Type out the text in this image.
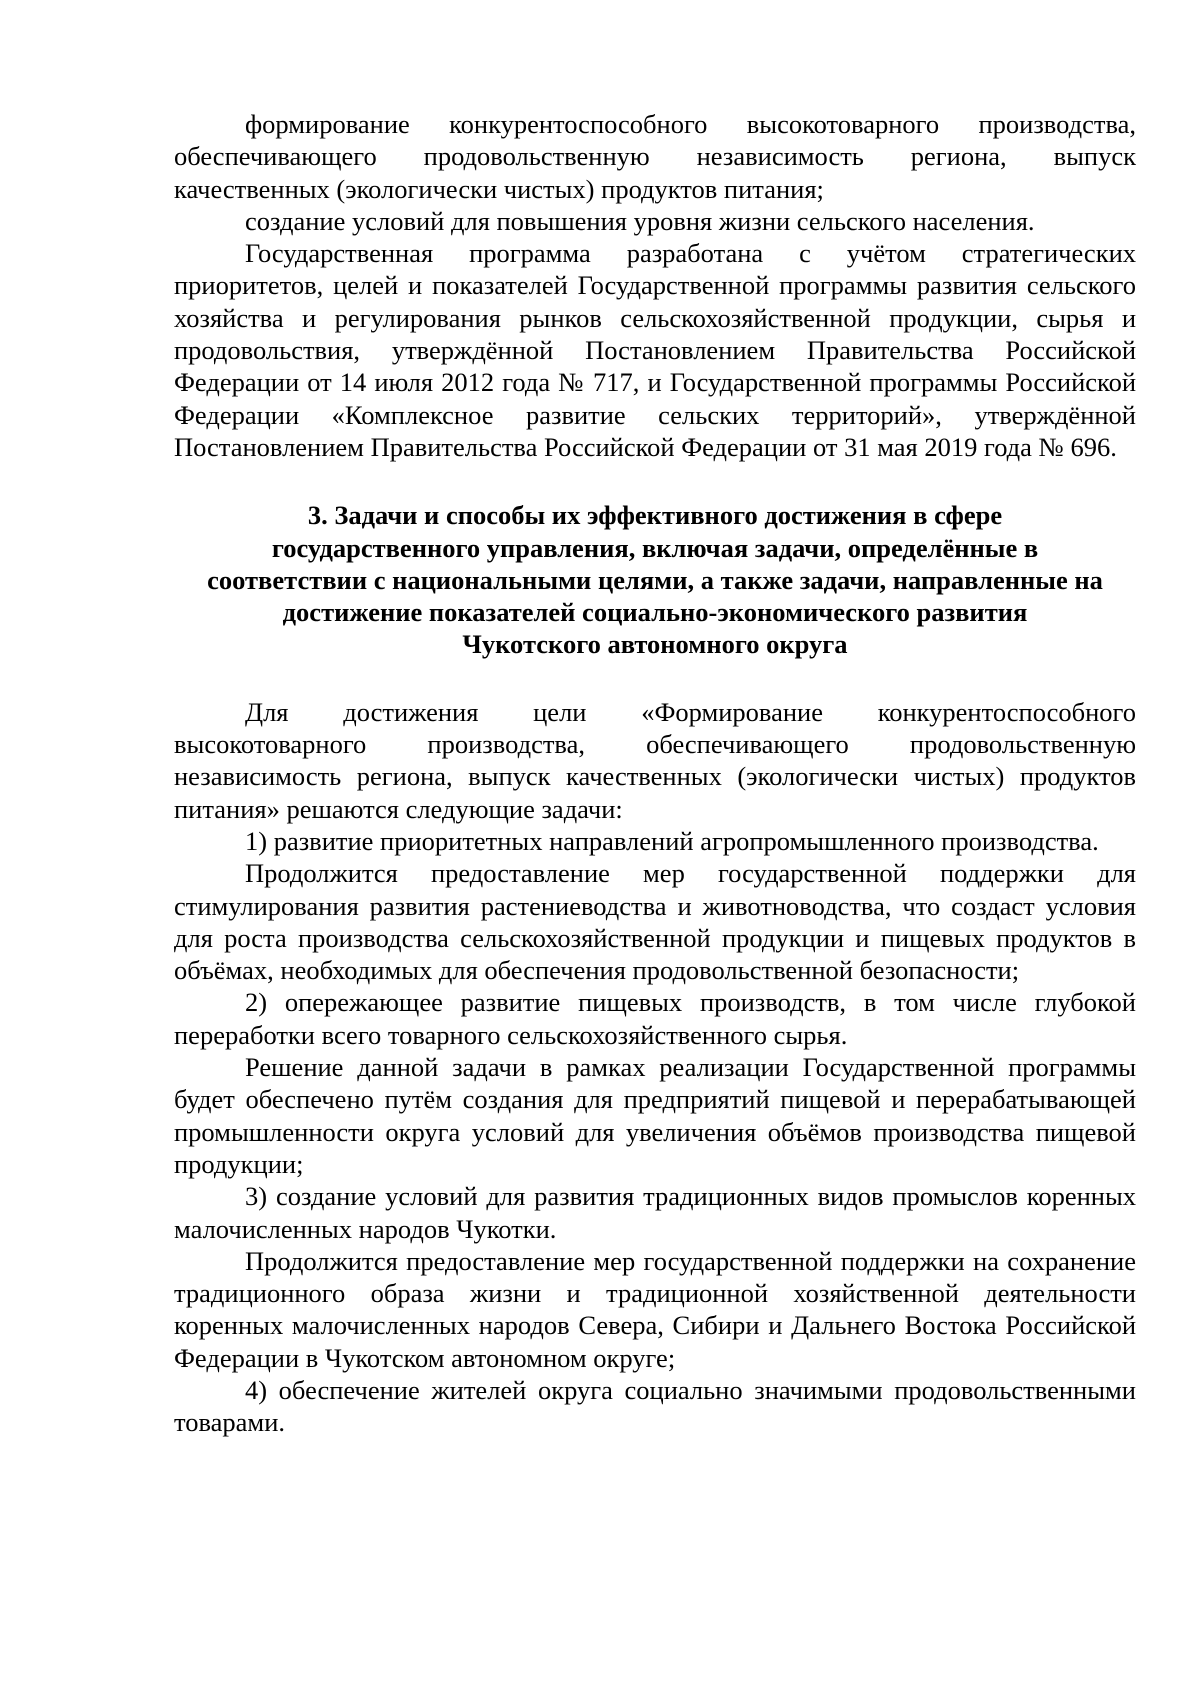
формирование конкурентоспособного высокотоварного производства, обеспечивающего продовольственную независимость региона, выпуск качественных (экологически чистых) продуктов питания;

создание условий для повышения уровня жизни сельского населения.

Государственная программа разработана с учётом стратегических приоритетов, целей и показателей Государственной программы развития сельского хозяйства и регулирования рынков сельскохозяйственной продукции, сырья и продовольствия, утверждённой Постановлением Правительства Российской Федерации от 14 июля 2012 года № 717, и Государственной программы Российской Федерации «Комплексное развитие сельских территорий», утверждённой Постановлением Правительства Российской Федерации от 31 мая 2019 года № 696.

3. Задачи и способы их эффективного достижения в сфере
государственного управления, включая задачи, определённые в
соответствии с национальными целями, а также задачи, направленные на
достижение показателей социально-экономического развития
Чукотского автономного округа

Для достижения цели «Формирование конкурентоспособного высокотоварного производства, обеспечивающего продовольственную независимость региона, выпуск качественных (экологически чистых) продуктов питания» решаются следующие задачи:

1) развитие приоритетных направлений агропромышленного производства.

Продолжится предоставление мер государственной поддержки для стимулирования развития растениеводства и животноводства, что создаст условия для роста производства сельскохозяйственной продукции и пищевых продуктов в объёмах, необходимых для обеспечения продовольственной безопасности;

2) опережающее развитие пищевых производств, в том числе глубокой переработки всего товарного сельскохозяйственного сырья.

Решение данной задачи в рамках реализации Государственной программы будет обеспечено путём создания для предприятий пищевой и перерабатывающей промышленности округа условий для увеличения объёмов производства пищевой продукции;

3) создание условий для развития традиционных видов промыслов коренных малочисленных народов Чукотки.

Продолжится предоставление мер государственной поддержки на сохранение традиционного образа жизни и традиционной хозяйственной деятельности коренных малочисленных народов Севера, Сибири и Дальнего Востока Российской Федерации в Чукотском автономном округе;

4) обеспечение жителей округа социально значимыми продовольственными товарами.
